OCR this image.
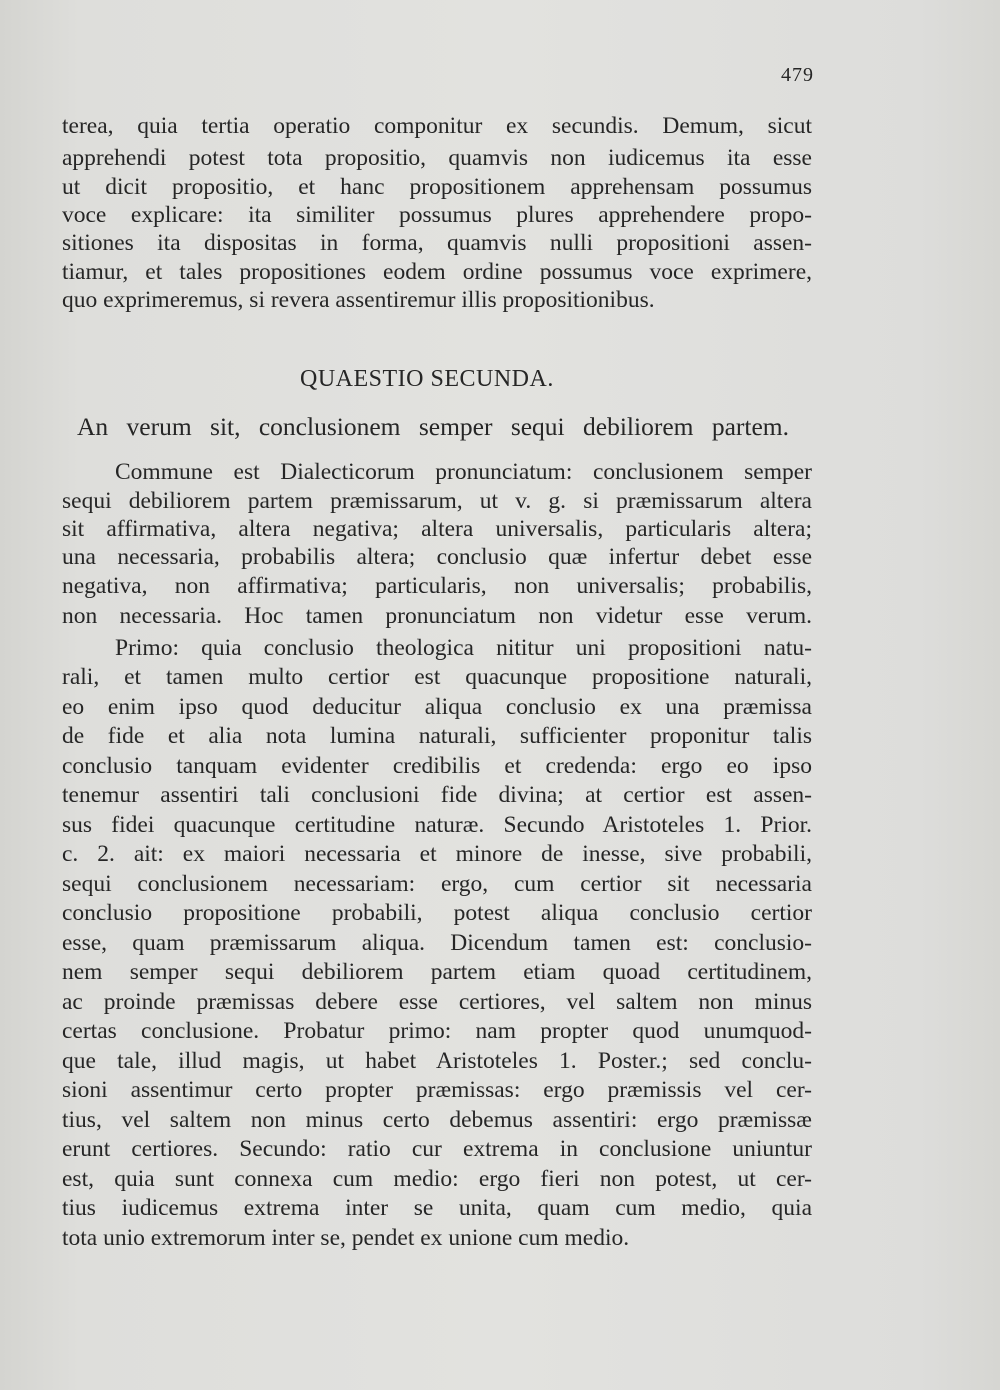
479
terea, quia tertia operatio componitur ex secundis. Demum, sicut
apprehendi potest tota propositio, quamvis non iudicemus ita esse
ut dicit propositio, et hanc propositionem apprehensam possumus
voce explicare: ita similiter possumus plures apprehendere propo-
sitiones ita dispositas in forma, quamvis nulli propositioni assen-
tiamur, et tales propositiones eodem ordine possumus voce exprimere,
quo exprimeremus, si revera assentiremur illis propositionibus.
QUAESTIO SECUNDA.
An verum sit, conclusionem semper sequi debiliorem partem.
Commune est Dialecticorum pronunciatum: conclusionem semper
sequi debiliorem partem præmissarum, ut v. g. si præmissarum altera
sit affirmativa, altera negativa; altera universalis, particularis altera;
una necessaria, probabilis altera; conclusio quæ infertur debet esse
negativa, non affirmativa; particularis, non universalis; probabilis,
non necessaria. Hoc tamen pronunciatum non videtur esse verum.
Primo: quia conclusio theologica nititur uni propositioni natu-
rali, et tamen multo certior est quacunque propositione naturali,
eo enim ipso quod deducitur aliqua conclusio ex una præmissa
de fide et alia nota lumina naturali, sufficienter proponitur talis
conclusio tanquam evidenter credibilis et credenda: ergo eo ipso
tenemur assentiri tali conclusioni fide divina; at certior est assen-
sus fidei quacunque certitudine naturæ. Secundo Aristoteles 1. Prior.
c. 2. ait: ex maiori necessaria et minore de inesse, sive probabili,
sequi conclusionem necessariam: ergo, cum certior sit necessaria
conclusio propositione probabili, potest aliqua conclusio certior
esse, quam præmissarum aliqua. Dicendum tamen est: conclusio-
nem semper sequi debiliorem partem etiam quoad certitudinem,
ac proinde præmissas debere esse certiores, vel saltem non minus
certas conclusione. Probatur primo: nam propter quod unumquod-
que tale, illud magis, ut habet Aristoteles 1. Poster.; sed conclu-
sioni assentimur certo propter præmissas: ergo præmissis vel cer-
tius, vel saltem non minus certo debemus assentiri: ergo præmissæ
erunt certiores. Secundo: ratio cur extrema in conclusione uniuntur
est, quia sunt connexa cum medio: ergo fieri non potest, ut cer-
tius iudicemus extrema inter se unita, quam cum medio, quia
tota unio extremorum inter se, pendet ex unione cum medio.
